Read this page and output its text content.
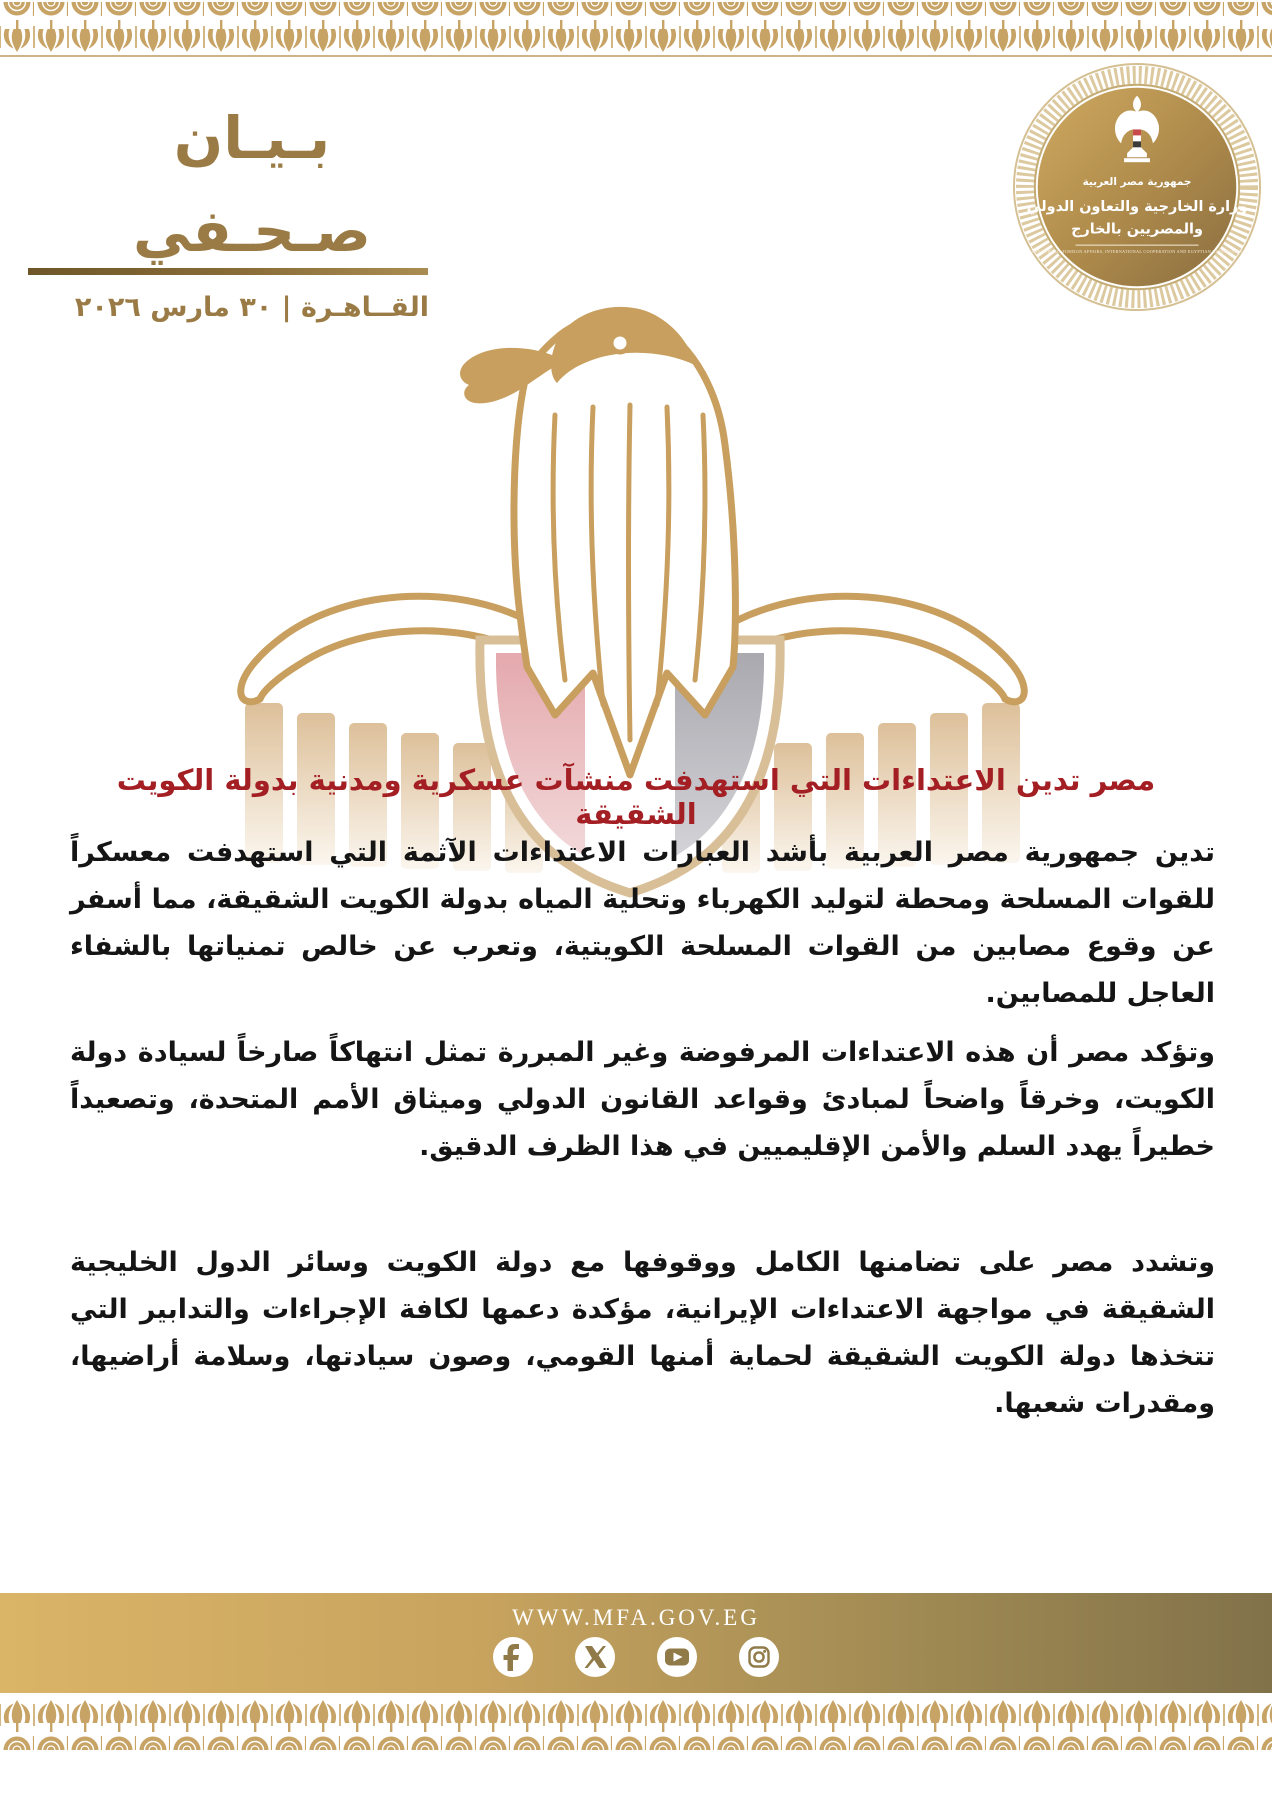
بـيـان صـحـفي
القــاهـرة | ٣٠ مارس ٢٠٢٦
جمهورية مصر العربية
وزارة الخارجية والتعاون الدولي
والمصريين بالخارج
MINISTRY OF FOREIGN AFFAIRS, INTERNATIONAL COOPERATION AND EGYPTIAN EXPATRIATES
مصر تدين الاعتداءات التي استهدفت منشآت عسكرية ومدنية بدولة الكويت الشقيقة

تدين جمهورية مصر العربية بأشد العبارات الاعتداءات الآثمة التي استهدفت معسكراً للقوات المسلحة ومحطة لتوليد الكهرباء وتحلية المياه بدولة الكويت الشقيقة، مما أسفر عن وقوع مصابين من القوات المسلحة الكويتية، وتعرب عن خالص تمنياتها بالشفاء العاجل للمصابين.

وتؤكد مصر أن هذه الاعتداءات المرفوضة وغير المبررة تمثل انتهاكاً صارخاً لسيادة دولة الكويت، وخرقاً واضحاً لمبادئ وقواعد القانون الدولي وميثاق الأمم المتحدة، وتصعيداً خطيراً يهدد السلم والأمن الإقليميين في هذا الظرف الدقيق.

وتشدد مصر على تضامنها الكامل ووقوفها مع دولة الكويت وسائر الدول الخليجية الشقيقة في مواجهة الاعتداءات الإيرانية، مؤكدة دعمها لكافة الإجراءات والتدابير التي تتخذها دولة الكويت الشقيقة لحماية أمنها القومي، وصون سيادتها، وسلامة أراضيها، ومقدرات شعبها.

WWW.MFA.GOV.EG
